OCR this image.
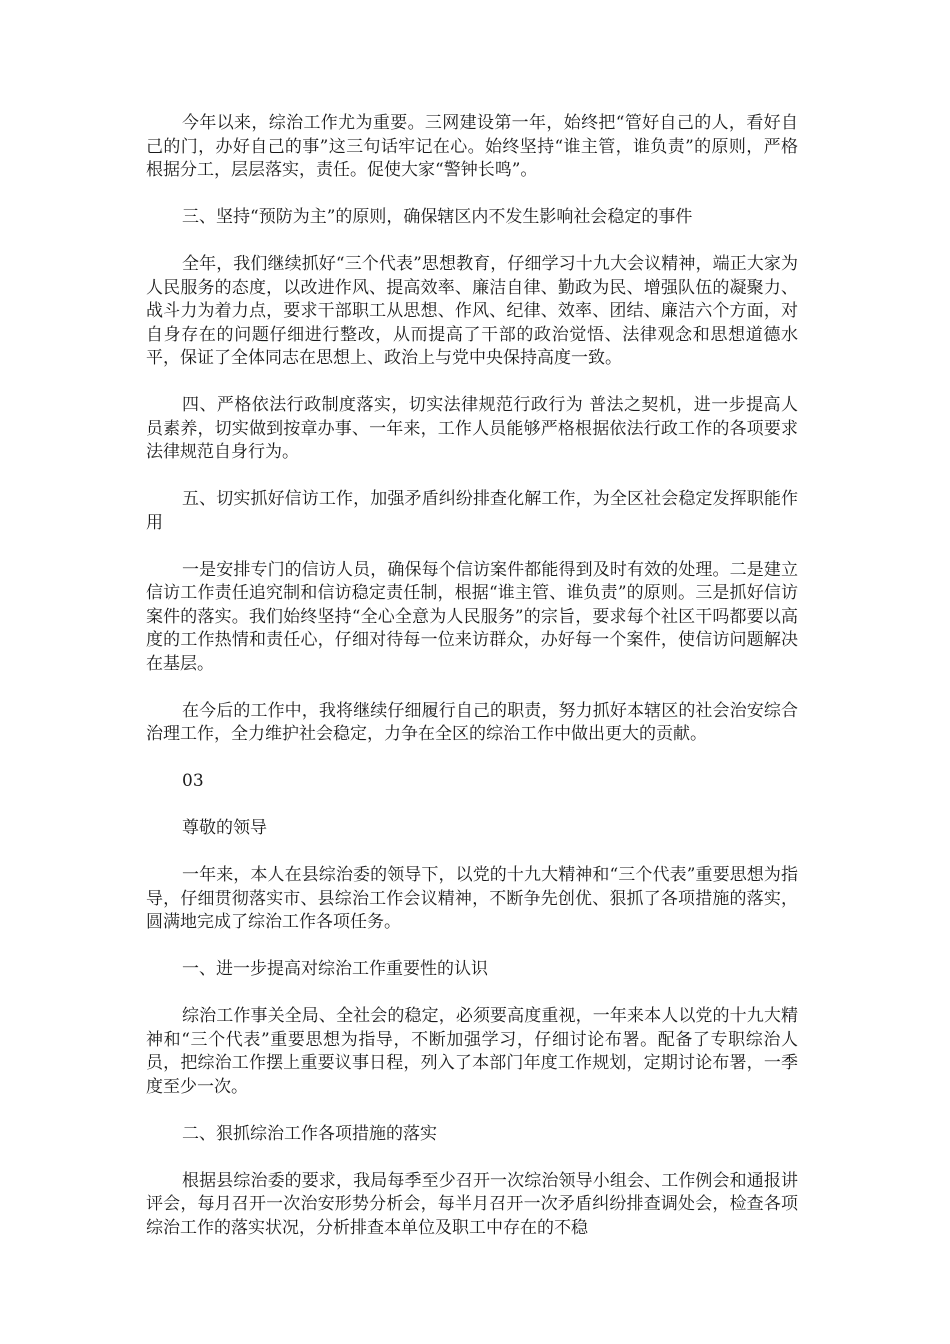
今年以来，综治工作尤为重要。三网建设第一年，始终把“管好自己的人，看好自己的门，办好自己的事”这三句话牢记在心。始终坚持“谁主管，谁负责”的原则，严格根据分工，层层落实，责任。促使大家“警钟长鸣”。

三、坚持“预防为主”的原则，确保辖区内不发生影响社会稳定的事件

全年，我们继续抓好“三个代表”思想教育，仔细学习十九大会议精神，端正大家为人民服务的态度，以改进作风、提高效率、廉洁自律、勤政为民、增强队伍的凝聚力、战斗力为着力点，要求干部职工从思想、作风、纪律、效率、团结、廉洁六个方面，对自身存在的问题仔细进行整改，从而提高了干部的政治觉悟、法律观念和思想道德水平，保证了全体同志在思想上、政治上与党中央保持高度一致。

四、严格依法行政制度落实，切实法律规范行政行为 普法之契机，进一步提高人员素养，切实做到按章办事、一年来，工作人员能够严格根据依法行政工作的各项要求法律规范自身行为。

五、切实抓好信访工作，加强矛盾纠纷排查化解工作，为全区社会稳定发挥职能作用

一是安排专门的信访人员，确保每个信访案件都能得到及时有效的处理。二是建立信访工作责任追究制和信访稳定责任制，根据“谁主管、谁负责”的原则。三是抓好信访案件的落实。我们始终坚持“全心全意为人民服务”的宗旨，要求每个社区干吗都要以高度的工作热情和责任心，仔细对待每一位来访群众，办好每一个案件，使信访问题解决在基层。

在今后的工作中，我将继续仔细履行自己的职责，努力抓好本辖区的社会治安综合治理工作，全力维护社会稳定，力争在全区的综治工作中做出更大的贡献。

03

尊敬的领导

一年来，本人在县综治委的领导下，以党的十九大精神和“三个代表”重要思想为指导，仔细贯彻落实市、县综治工作会议精神，不断争先创优、狠抓了各项措施的落实，圆满地完成了综治工作各项任务。

一、进一步提高对综治工作重要性的认识

综治工作事关全局、全社会的稳定，必须要高度重视，一年来本人以党的十九大精神和“三个代表”重要思想为指导，不断加强学习，仔细讨论布署。配备了专职综治人员，把综治工作摆上重要议事日程，列入了本部门年度工作规划，定期讨论布署，一季度至少一次。

二、狠抓综治工作各项措施的落实

根据县综治委的要求，我局每季至少召开一次综治领导小组会、工作例会和通报讲评会，每月召开一次治安形势分析会，每半月召开一次矛盾纠纷排查调处会，检查各项综治工作的落实状况，分析排查本单位及职工中存在的不稳
